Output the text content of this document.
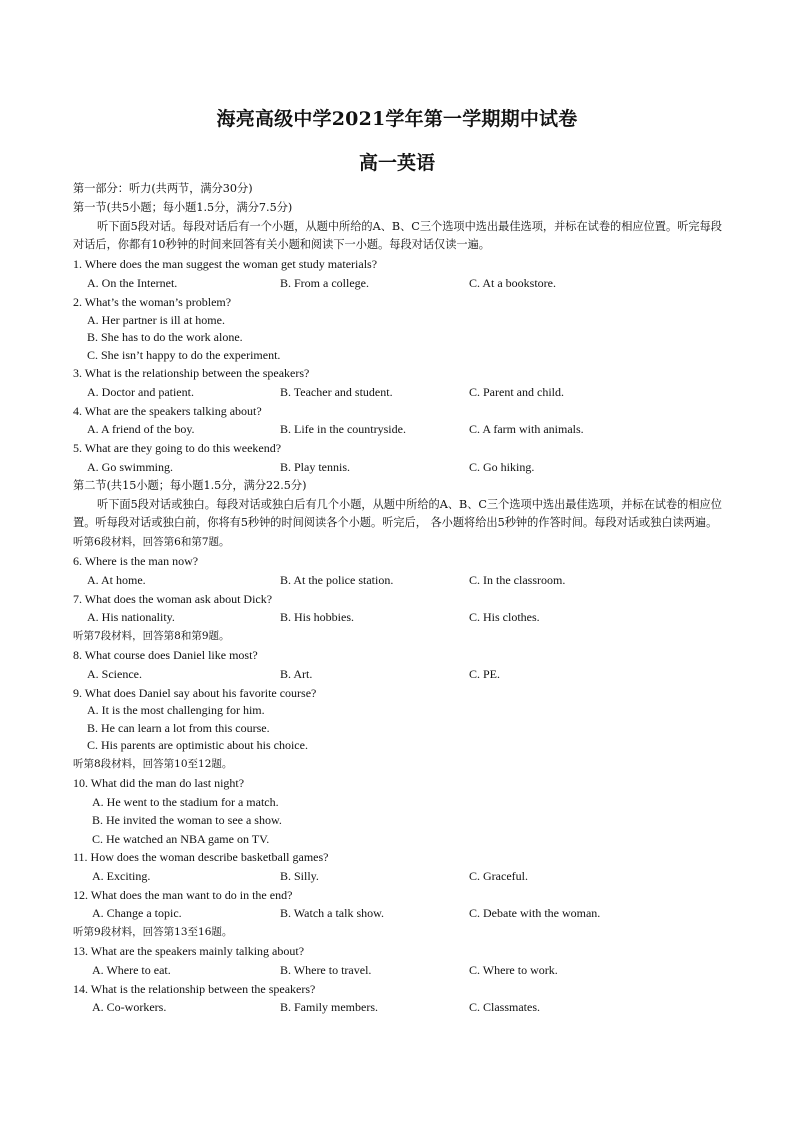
海亮高级中学2021学年第一学期期中试卷
高一英语
第一部分：听力(共两节，满分30分)
第一节(共5小题；每小题1.5分，满分7.5分)
听下面5段对话。每段对话后有一个小题，从题中所给的A、B、C三个选项中选出最佳选项，并标在试卷的相应位置。听完每段对话后，你都有10秒钟的时间来回答有关小题和阅读下一小题。每段对话仅读一遍。
1. Where does the man suggest the woman get study materials?
A. On the Internet.	B. From a college.	C. At a bookstore.
2. What’s the woman’s problem?
A. Her partner is ill at home.
B. She has to do the work alone.
C. She isn’t happy to do the experiment.
3. What is the relationship between the speakers?
A. Doctor and patient.	B. Teacher and student.	C. Parent and child.
4. What are the speakers talking about?
A. A friend of the boy.	B. Life in the countryside.	C. A farm with animals.
5. What are they going to do this weekend?
A. Go swimming.	B. Play tennis.	C. Go hiking.
第二节(共15小题；每小题1.5分，满分22.5分)
听下面5段对话或独白。每段对话或独白后有几个小题，从题中所给的A、B、C三个选项中选出最佳选项，并标在试卷的相应位置。听每段对话或独白前，你将有5秒钟的时间阅读各个小题。听完后， 各小题将给出5秒钟的作答时间。每段对话或独白读两遍。
听第6段材料，回答第6和第7题。
6. Where is the man now?
A. At home.	B. At the police station.	C. In the classroom.
7. What does the woman ask about Dick?
A. His nationality.	B. His hobbies.	C. His clothes.
听第7段材料，回答第8和第9题。
8. What course does Daniel like most?
A. Science.	B. Art.	C. PE.
9. What does Daniel say about his favorite course?
A. It is the most challenging for him.
B. He can learn a lot from this course.
C. His parents are optimistic about his choice.
听第8段材料，回答第10至12题。
10. What did the man do last night?
A. He went to the stadium for a match.
B. He invited the woman to see a show.
C. He watched an NBA game on TV.
11. How does the woman describe basketball games?
A. Exciting.	B. Silly.	C. Graceful.
12. What does the man want to do in the end?
A. Change a topic.	B. Watch a talk show.	C. Debate with the woman.
听第9段材料，回答第13至16题。
13. What are the speakers mainly talking about?
A. Where to eat.	B. Where to travel.	C. Where to work.
14. What is the relationship between the speakers?
A. Co-workers.	B. Family members.	C. Classmates.
